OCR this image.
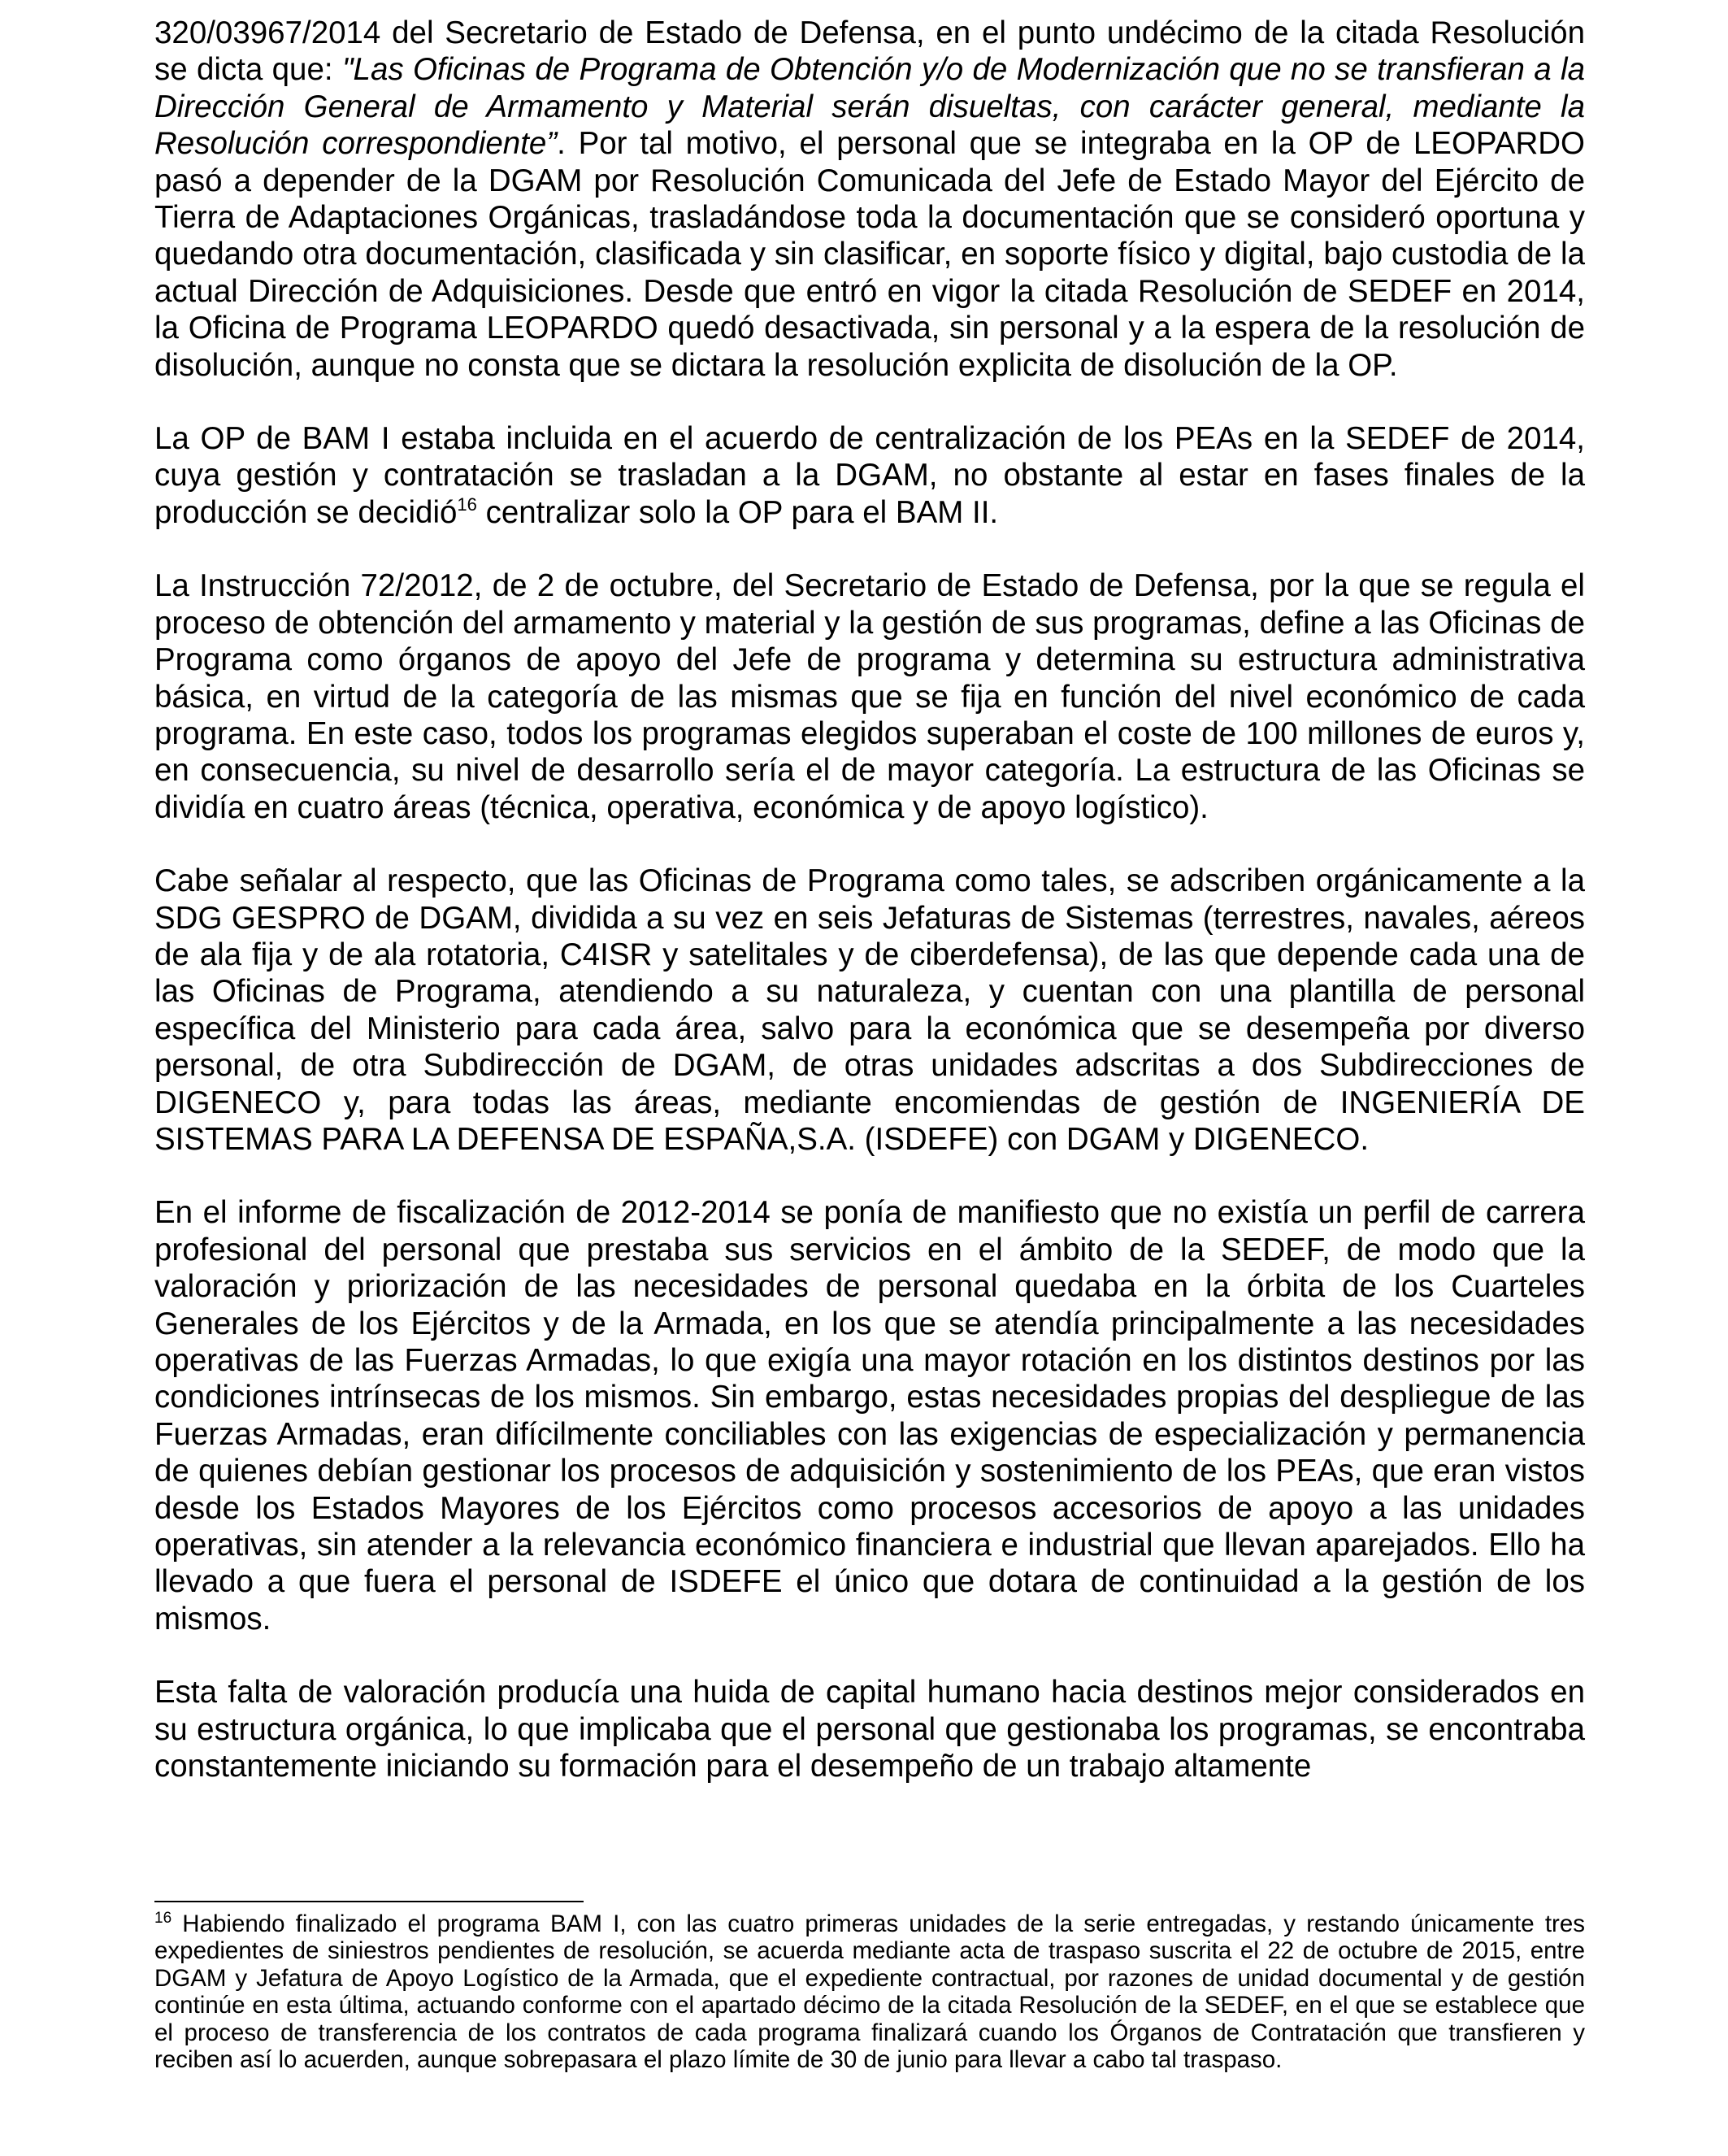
320/03967/2014 del Secretario de Estado de Defensa, en el punto undécimo de la citada Resolución se dicta que: "Las Oficinas de Programa de Obtención y/o de Modernización que no se transfieran a la Dirección General de Armamento y Material serán disueltas, con carácter general, mediante la Resolución correspondiente”. Por tal motivo, el personal que se integraba en la OP de LEOPARDO pasó a depender de la DGAM por Resolución Comunicada del Jefe de Estado Mayor del Ejército de Tierra de Adaptaciones Orgánicas, trasladándose toda la documentación que se consideró oportuna y quedando otra documentación, clasificada y sin clasificar, en soporte físico y digital, bajo custodia de la actual Dirección de Adquisiciones. Desde que entró en vigor la citada Resolución de SEDEF en 2014, la Oficina de Programa LEOPARDO quedó desactivada, sin personal y a la espera de la resolución de disolución, aunque no consta que se dictara la resolución explicita de disolución de la OP.

La OP de BAM I estaba incluida en el acuerdo de centralización de los PEAs en la SEDEF de 2014, cuya gestión y contratación se trasladan a la DGAM, no obstante al estar en fases finales de la producción se decidió$^{16}$ centralizar solo la OP para el BAM II.

La Instrucción 72/2012, de 2 de octubre, del Secretario de Estado de Defensa, por la que se regula el proceso de obtención del armamento y material y la gestión de sus programas, define a las Oficinas de Programa como órganos de apoyo del Jefe de programa y determina su estructura administrativa básica, en virtud de la categoría de las mismas que se fija en función del nivel económico de cada programa. En este caso, todos los programas elegidos superaban el coste de 100 millones de euros y, en consecuencia, su nivel de desarrollo sería el de mayor categoría. La estructura de las Oficinas se dividía en cuatro áreas (técnica, operativa, económica y de apoyo logístico).

Cabe señalar al respecto, que las Oficinas de Programa como tales, se adscriben orgánicamente a la SDG GESPRO de DGAM, dividida a su vez en seis Jefaturas de Sistemas (terrestres, navales, aéreos de ala fija y de ala rotatoria, C4ISR y satelitales y de ciberdefensa), de las que depende cada una de las Oficinas de Programa, atendiendo a su naturaleza, y cuentan con una plantilla de personal específica del Ministerio para cada área, salvo para la económica que se desempeña por diverso personal, de otra Subdirección de DGAM, de otras unidades adscritas a dos Subdirecciones de DIGENECO y, para todas las áreas, mediante encomiendas de gestión de INGENIERÍA DE SISTEMAS PARA LA DEFENSA DE ESPAÑA,S.A. (ISDEFE) con DGAM y DIGENECO.

En el informe de fiscalización de 2012-2014 se ponía de manifiesto que no existía un perfil de carrera profesional del personal que prestaba sus servicios en el ámbito de la SEDEF, de modo que la valoración y priorización de las necesidades de personal quedaba en la órbita de los Cuarteles Generales de los Ejércitos y de la Armada, en los que se atendía principalmente a las necesidades operativas de las Fuerzas Armadas, lo que exigía una mayor rotación en los distintos destinos por las condiciones intrínsecas de los mismos. Sin embargo, estas necesidades propias del despliegue de las Fuerzas Armadas, eran difícilmente conciliables con las exigencias de especialización y permanencia de quienes debían gestionar los procesos de adquisición y sostenimiento de los PEAs, que eran vistos desde los Estados Mayores de los Ejércitos como procesos accesorios de apoyo a las unidades operativas, sin atender a la relevancia económico financiera e industrial que llevan aparejados. Ello ha llevado a que fuera el personal de ISDEFE el único que dotara de continuidad a la gestión de los mismos.

Esta falta de valoración producía una huida de capital humano hacia destinos mejor considerados en su estructura orgánica, lo que implicaba que el personal que gestionaba los programas, se encontraba constantemente iniciando su formación para el desempeño de un trabajo altamente

$^{16}$ Habiendo finalizado el programa BAM I, con las cuatro primeras unidades de la serie entregadas, y restando únicamente tres expedientes de siniestros pendientes de resolución, se acuerda mediante acta de traspaso suscrita el 22 de octubre de 2015, entre DGAM y Jefatura de Apoyo Logístico de la Armada, que el expediente contractual, por razones de unidad documental y de gestión continúe en esta última, actuando conforme con el apartado décimo de la citada Resolución de la SEDEF, en el que se establece que el proceso de transferencia de los contratos de cada programa finalizará cuando los Órganos de Contratación que transfieren y reciben así lo acuerden, aunque sobrepasara el plazo límite de 30 de junio para llevar a cabo tal traspaso.
